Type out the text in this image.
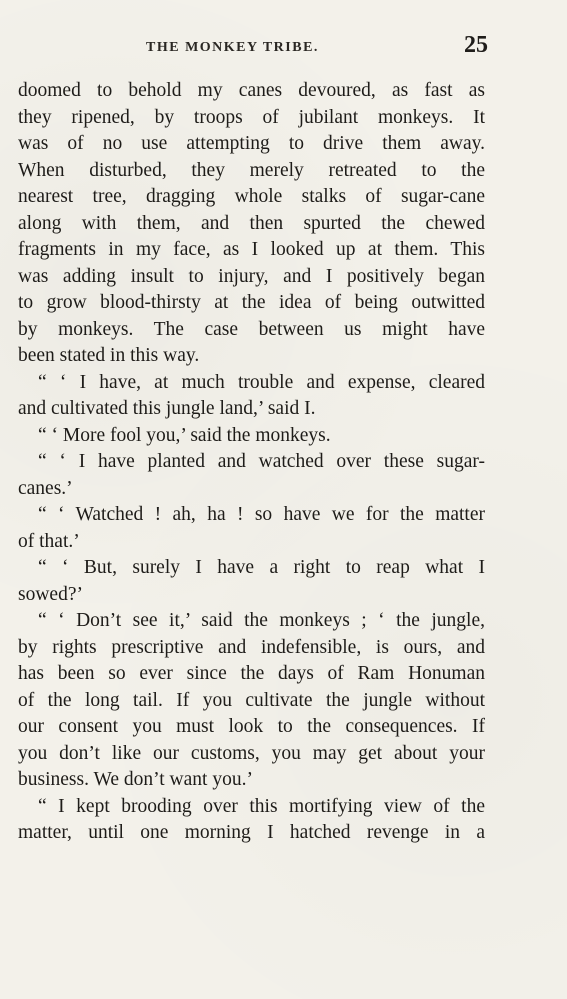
THE MONKEY TRIBE.	25
doomed to behold my canes devoured, as fast as
they ripened, by troops of jubilant monkeys. It
was of no use attempting to drive them away.
When disturbed, they merely retreated to the
nearest tree, dragging whole stalks of sugar-cane
along with them, and then spurted the chewed
fragments in my face, as I looked up at them. This
was adding insult to injury, and I positively began
to grow blood-thirsty at the idea of being outwitted
by monkeys. The case between us might have
been stated in this way.
“ ‘ I have, at much trouble and expense, cleared
and cultivated this jungle land,’ said I.
“ ‘ More fool you,’ said the monkeys.
“ ‘ I have planted and watched over these sugar-
canes.’
“ ‘ Watched ! ah, ha ! so have we for the matter
of that.’
“ ‘ But, surely I have a right to reap what I
sowed?’
“ ‘ Don’t see it,’ said the monkeys ; ‘ the jungle,
by rights prescriptive and indefensible, is ours, and
has been so ever since the days of Ram Honuman
of the long tail. If you cultivate the jungle without
our consent you must look to the consequences. If
you don’t like our customs, you may get about your
business. We don’t want you.’
“ I kept brooding over this mortifying view of the
matter, until one morning I hatched revenge in a
